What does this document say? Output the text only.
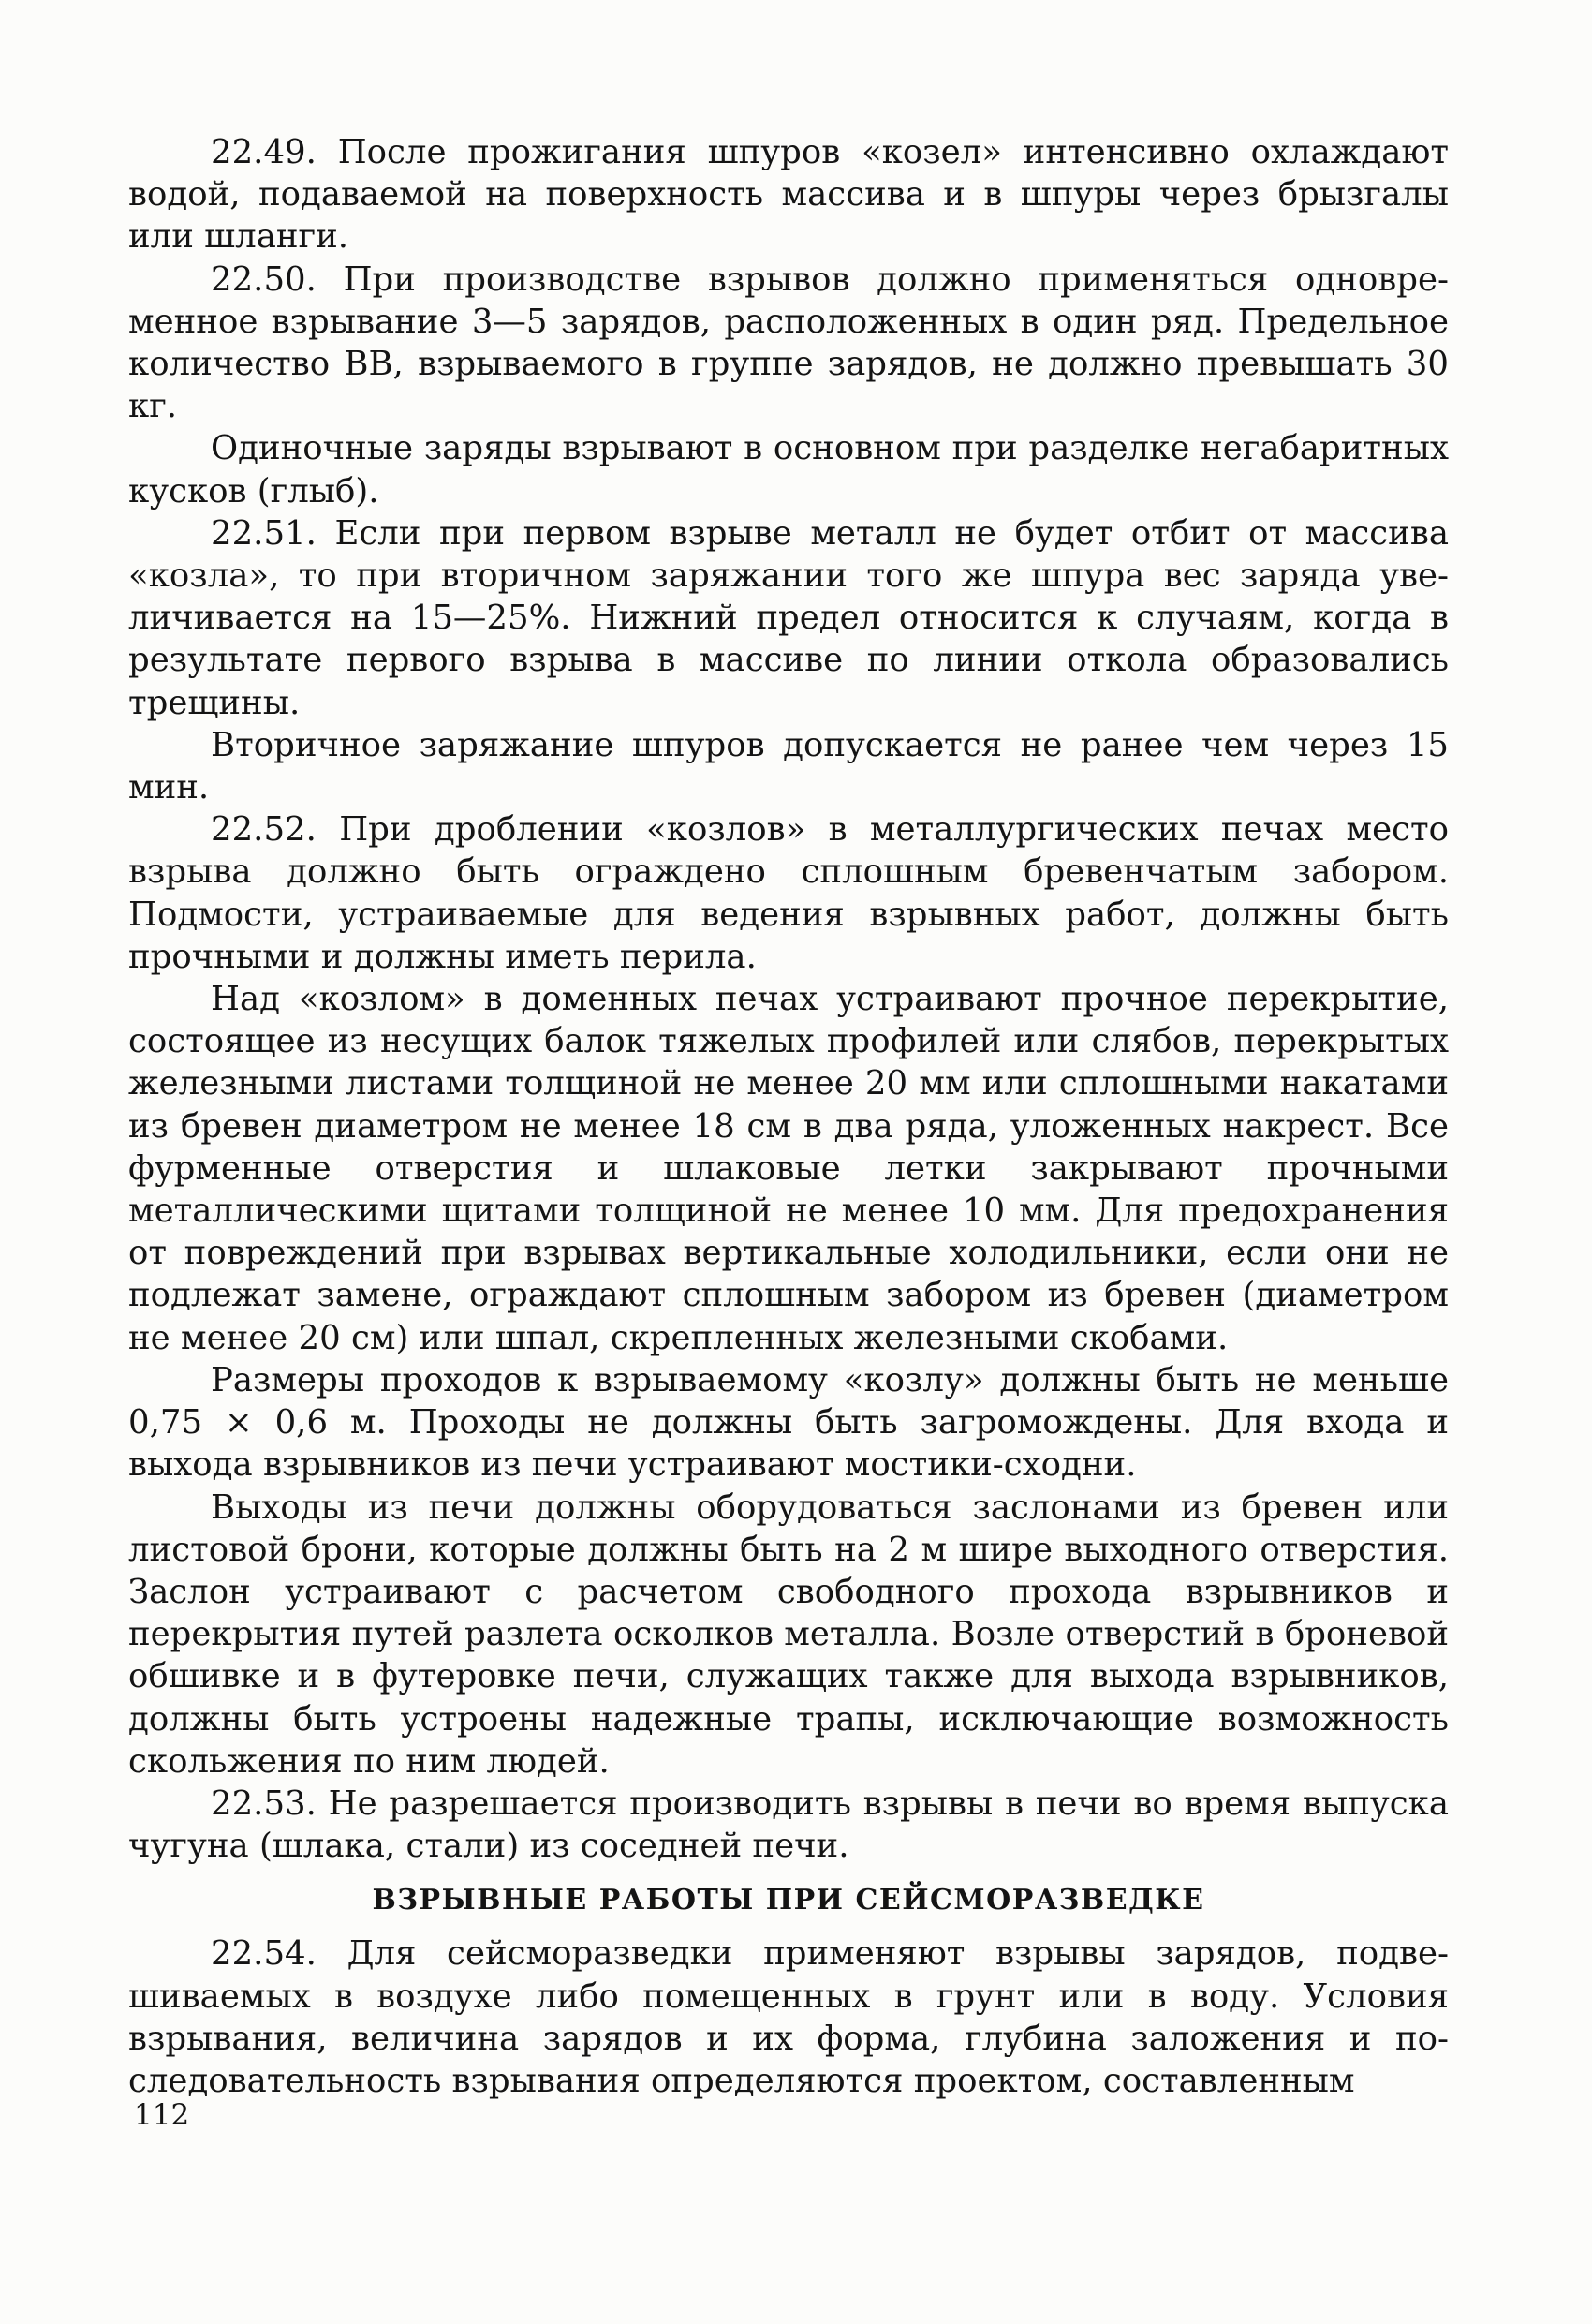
22.49. После прожигания шпуров «козел» интенсивно охлаждают водой, подаваемой на поверхность массива и в шпуры через брызгалы или шланги.

22.50. При производстве взрывов должно применяться одновременное взрывание 3—5 зарядов, расположенных в один ряд. Предельное количество ВВ, взрываемого в группе зарядов, не должно превышать 30 кг.

Одиночные заряды взрывают в основном при разделке негабаритных кусков (глыб).

22.51. Если при первом взрыве металл не будет отбит от массива «козла», то при вторичном заряжании того же шпура вес заряда увеличивается на 15—25%. Нижний предел относится к случаям, когда в результате первого взрыва в массиве по линии откола образовались трещины.

Вторичное заряжание шпуров допускается не ранее чем через 15 мин.

22.52. При дроблении «козлов» в металлургических печах место взрыва должно быть ограждено сплошным бревенчатым забором. Подмости, устраиваемые для ведения взрывных работ, должны быть прочными и должны иметь перила.

Над «козлом» в доменных печах устраивают прочное перекрытие, состоящее из несущих балок тяжелых профилей или слябов, перекрытых железными листами толщиной не менее 20 мм или сплошными накатами из бревен диаметром не менее 18 см в два ряда, уложенных накрест. Все фурменные отверстия и шлаковые летки закрывают прочными металлическими щитами толщиной не менее 10 мм. Для предохранения от повреждений при взрывах вертикальные холодильники, если они не подлежат замене, ограждают сплошным забором из бревен (диаметром не менее 20 см) или шпал, скрепленных железными скобами.

Размеры проходов к взрываемому «козлу» должны быть не меньше 0,75 × 0,6 м. Проходы не должны быть загромождены. Для входа и выхода взрывников из печи устраивают мостики-сходни.

Выходы из печи должны оборудоваться заслонами из бревен или листовой брони, которые должны быть на 2 м шире выходного отверстия. Заслон устраивают с расчетом свободного прохода взрывников и перекрытия путей разлета осколков металла. Возле отверстий в броневой обшивке и в футеровке печи, служащих также для выхода взрывников, должны быть устроены надежные трапы, исключающие возможность скольжения по ним людей.

22.53. Не разрешается производить взрывы в печи во время выпуска чугуна (шлака, стали) из соседней печи.

ВЗРЫВНЫЕ РАБОТЫ ПРИ СЕЙСМОРАЗВЕДКЕ

22.54. Для сейсморазведки применяют взрывы зарядов, подвешиваемых в воздухе либо помещенных в грунт или в воду. Условия взрывания, величина зарядов и их форма, глубина заложения и последовательность взрывания определяются проектом, составленным

112
